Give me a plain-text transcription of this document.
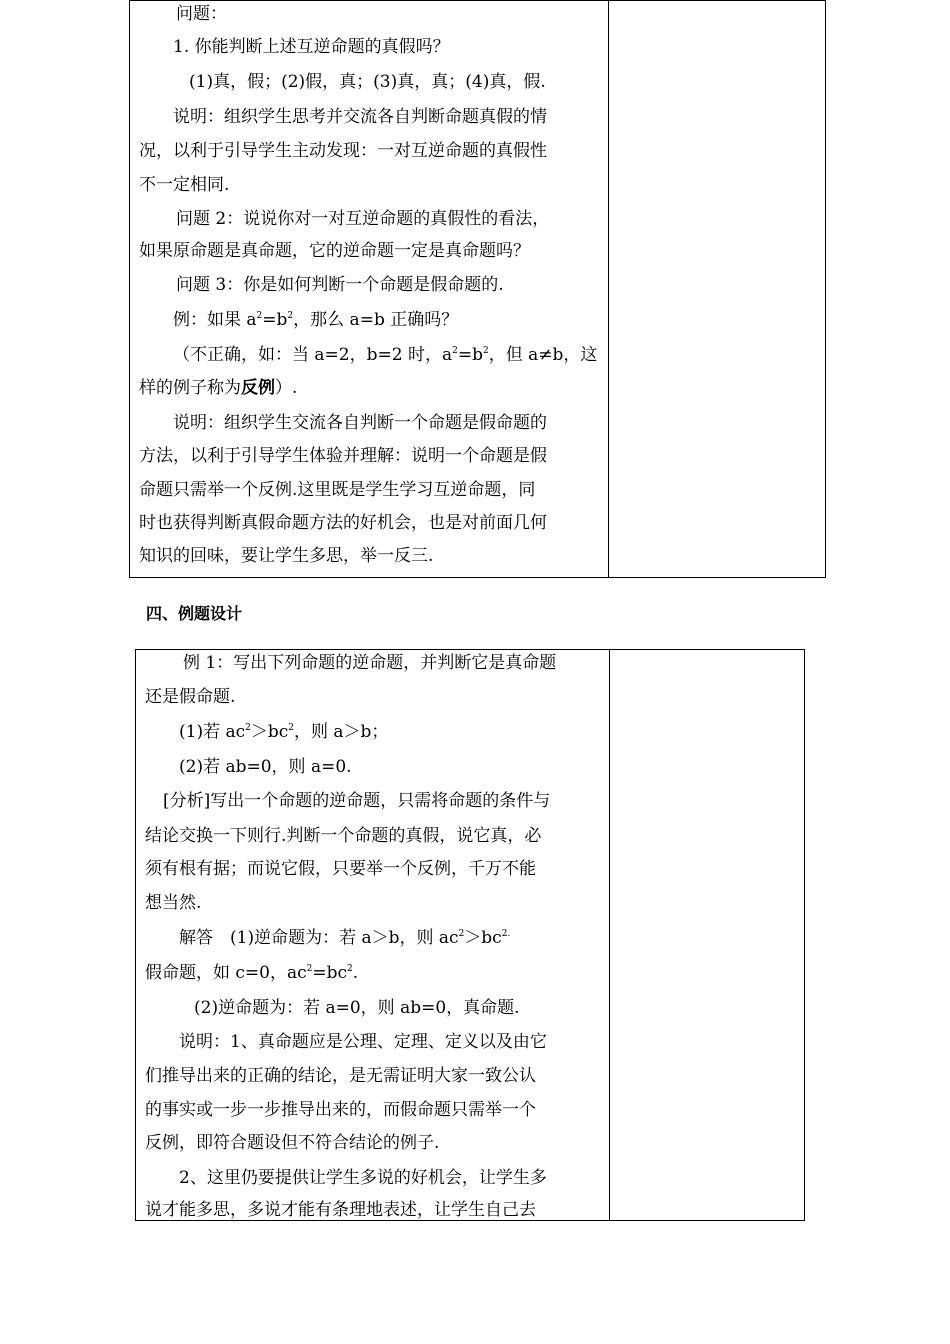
问题：
1. 你能判断上述互逆命题的真假吗？
(1)真，假；(2)假，真；(3)真，真；(4)真，假.
说明：组织学生思考并交流各自判断命题真假的情
况，以利于引导学生主动发现：一对互逆命题的真假性
不一定相同.
问题 2：说说你对一对互逆命题的真假性的看法，
如果原命题是真命题，它的逆命题一定是真命题吗？
问题 3：你是如何判断一个命题是假命题的.
例：如果 $a^2=b^2$，那么 a=b 正确吗？
（不正确，如：当 a=2，b=2 时，$a^2=b^2$，但 a≠b，这
样的例子称为反例）.
说明：组织学生交流各自判断一个命题是假命题的
方法，以利于引导学生体验并理解：说明一个命题是假
命题只需举一个反例.这里既是学生学习互逆命题，同
时也获得判断真假命题方法的好机会，也是对前面几何
知识的回味，要让学生多思，举一反三.
四、例题设计
例 1：写出下列命题的逆命题，并判断它是真命题
还是假命题.
(1)若 $ac^2>bc^2$，则 a＞b；
(2)若 ab=0，则 a=0.
[分析]写出一个命题的逆命题，只需将命题的条件与
结论交换一下则行.判断一个命题的真假，说它真，必
须有根有据；而说它假，只要举一个反例，千万不能
想当然.
解答　(1)逆命题为：若 a＞b，则 $ac^2>bc^{2.}$
假命题，如 c=0，$ac^2=bc^2$.
(2)逆命题为：若 a=0，则 ab=0，真命题.
说明：1、真命题应是公理、定理、定义以及由它
们推导出来的正确的结论，是无需证明大家一致公认
的事实或一步一步推导出来的，而假命题只需举一个
反例，即符合题设但不符合结论的例子.
2、这里仍要提供让学生多说的好机会，让学生多
说才能多思，多说才能有条理地表述，让学生自己去
